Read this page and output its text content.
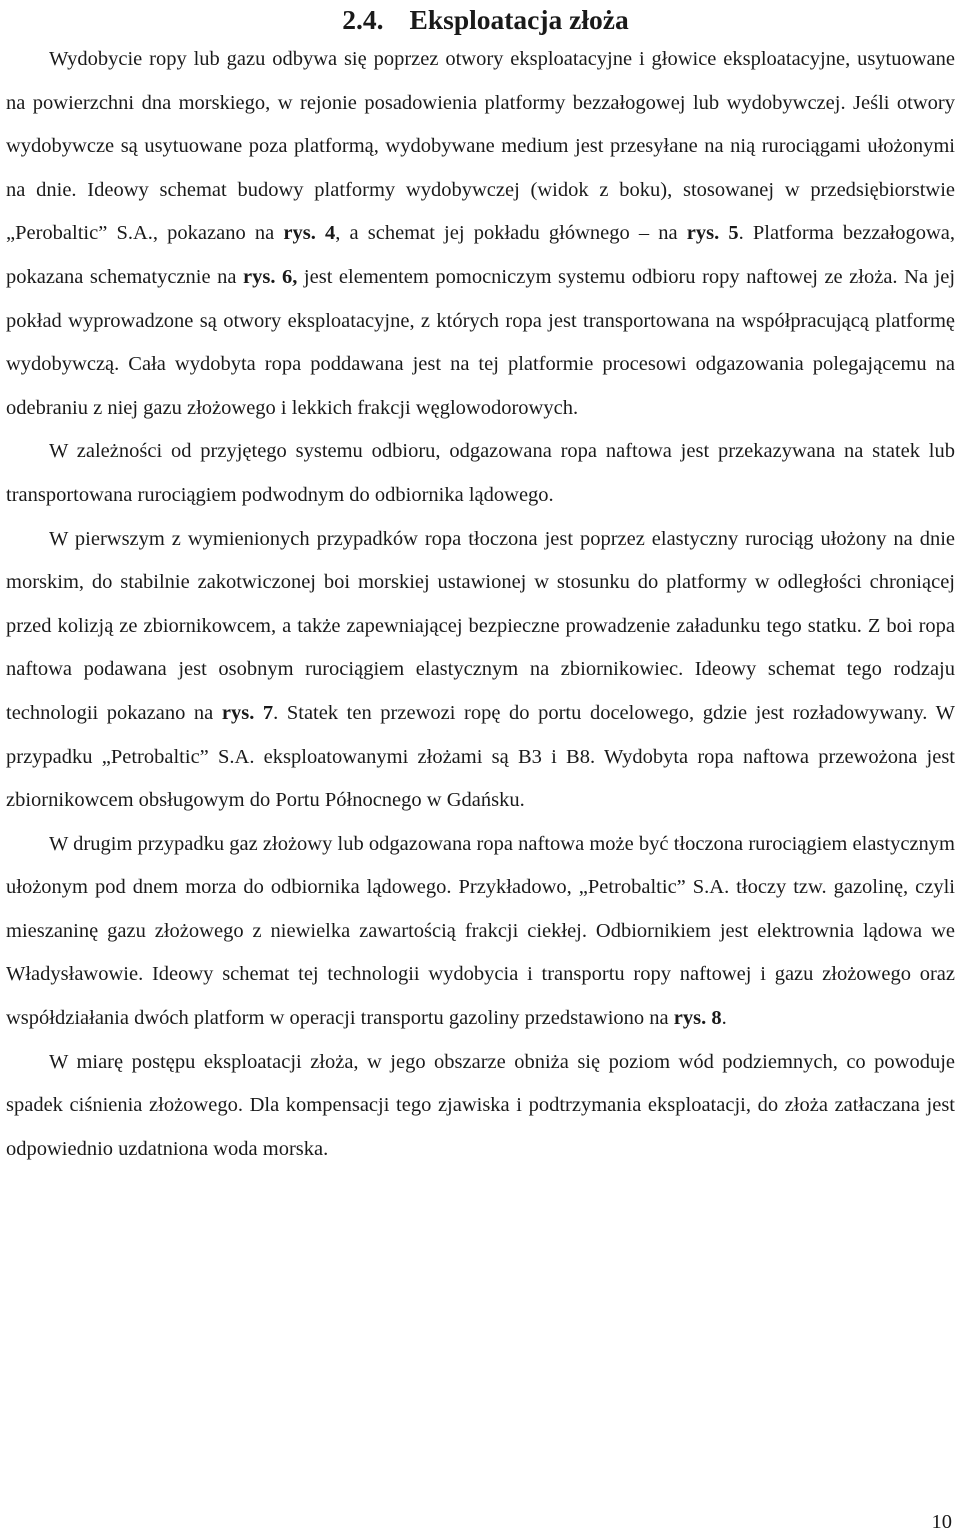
2.4. Eksploatacja złoża

Wydobycie ropy lub gazu odbywa się poprzez otwory eksploatacyjne i głowice eksploatacyjne, usytuowane na powierzchni dna morskiego, w rejonie posadowienia platformy bezzałogowej lub wydobywczej. Jeśli otwory wydobywcze są usytuowane poza platformą, wydobywane medium jest przesyłane na nią rurociągami ułożonymi na dnie. Ideowy schemat budowy platformy wydobywczej (widok z boku), stosowanej w przedsiębiorstwie „Perobaltic” S.A., pokazano na rys. 4, a schemat jej pokładu głównego – na rys. 5. Platforma bezzałogowa, pokazana schematycznie na rys. 6, jest elementem pomocniczym systemu odbioru ropy naftowej ze złoża. Na jej pokład wyprowadzone są otwory eksploatacyjne, z których ropa jest transportowana na współpracującą platformę wydobywczą. Cała wydobyta ropa poddawana jest na tej platformie procesowi odgazowania polegającemu na odebraniu z niej gazu złożowego i lekkich frakcji węglowodorowych.

W zależności od przyjętego systemu odbioru, odgazowana ropa naftowa jest przekazywana na statek lub transportowana rurociągiem podwodnym do odbiornika lądowego.

W pierwszym z wymienionych przypadków ropa tłoczona jest poprzez elastyczny rurociąg ułożony na dnie morskim, do stabilnie zakotwiczonej boi morskiej ustawionej w stosunku do platformy w odległości chroniącej przed kolizją ze zbiornikowcem, a także zapewniającej bezpieczne prowadzenie załadunku tego statku. Z boi ropa naftowa podawana jest osobnym rurociągiem elastycznym na zbiornikowiec. Ideowy schemat tego rodzaju technologii pokazano na rys. 7. Statek ten przewozi ropę do portu docelowego, gdzie jest rozładowywany. W przypadku „Petrobaltic” S.A. eksploatowanymi złożami są B3 i B8. Wydobyta ropa naftowa przewożona jest zbiornikowcem obsługowym do Portu Północnego w Gdańsku.

W drugim przypadku gaz złożowy lub odgazowana ropa naftowa może być tłoczona rurociągiem elastycznym ułożonym pod dnem morza do odbiornika lądowego. Przykładowo, „Petrobaltic” S.A. tłoczy tzw. gazolinę, czyli mieszaninę gazu złożowego z niewielka zawartością frakcji ciekłej. Odbiornikiem jest elektrownia lądowa we Władysławowie. Ideowy schemat tej technologii wydobycia i transportu ropy naftowej i gazu złożowego oraz współdziałania dwóch platform w operacji transportu gazoliny przedstawiono na rys. 8.

W miarę postępu eksploatacji złoża, w jego obszarze obniża się poziom wód podziemnych, co powoduje spadek ciśnienia złożowego. Dla kompensacji tego zjawiska i podtrzymania eksploatacji, do złoża zatłaczana jest odpowiednio uzdatniona woda morska.

10
